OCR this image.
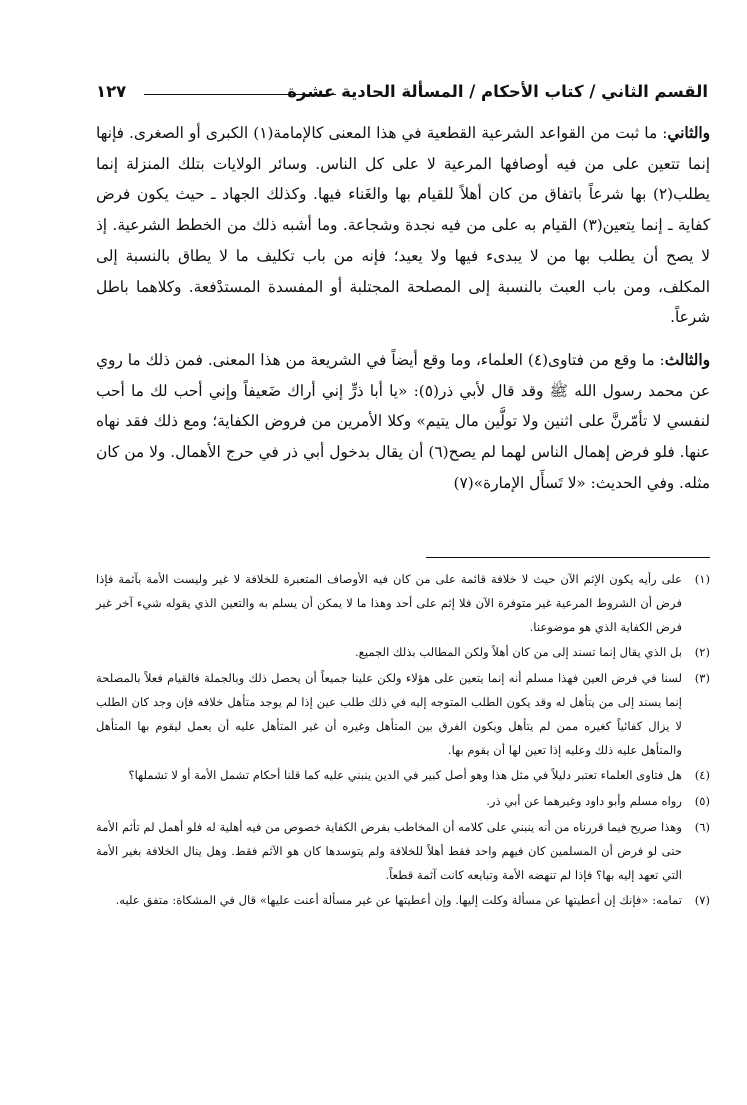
القسم الثاني / كتاب الأحكام / المسألة الحادية عشرة
١٢٧

والثاني: ما ثبت من القواعد الشرعية القطعية في هذا المعنى كالإمامة(١) الكبرى أو الصغرى. فإنها إنما تتعين على من فيه أوصافها المرعية لا على كل الناس. وسائر الولايات بتلك المنزلة إنما يطلب(٢) بها شرعاً باتفاق من كان أهلاً للقيام بها والغَناء فيها. وكذلك الجهاد ـ حيث يكون فرض كفاية ـ إنما يتعين(٣) القيام به على من فيه نجدة وشجاعة. وما أشبه ذلك من الخطط الشرعية. إذ لا يصح أن يطلب بها من لا يبدىء فيها ولا يعيد؛ فإنه من باب تكليف ما لا يطاق بالنسبة إلى المكلف، ومن باب العبث بالنسبة إلى المصلحة المجتلبة أو المفسدة المستدْفعة. وكلاهما باطل شرعاً.

والثالث: ما وقع من فتاوى(٤) العلماء، وما وقع أيضاً في الشريعة من هذا المعنى. فمن ذلك ما روي عن محمد رسول الله ﷺ وقد قال لأبي ذر(٥): «يا أبا ذرٍّ إني أراك ضَعيفاً وإني أحب لك ما أحب لنفسي لا تأمّرنَّ على اثنين ولا تولَّين مال يتيم» وكلا الأمرين من فروض الكفاية؛ ومع ذلك فقد نهاه عنها. فلو فرض إهمال الناس لهما لم يصح(٦) أن يقال بدخول أبي ذر في حرج الأهمال. ولا من كان مثله. وفي الحديث: «لا تَسأَل الإمارة»(٧)

(١)
على رأيه يكون الإثم الآن حيث لا خلافة قائمة على من كان فيه الأوصاف المتعبرة للخلافة لا غير وليست الأمة بآثمة فإذا فرض أن الشروط المرعية غير متوفرة الآن فلا إثم على أحد وهذا ما لا يمكن أن يسلم به والتعين الذي يقوله شيء آخر غير فرض الكفاية الذي هو موضوعنا.
(٢)
بل الذي يقال إنما تسند إلى من كان أهلاً ولكن المطالب بذلك الجميع.
(٣)
لسنا في فرض العين فهذا مسلم أنه إنما يتعين على هؤلاء ولكن علينا جميعاً أن يحصل ذلك وبالجملة فالقيام فعلاً بالمصلحة إنما يسند إلى من يتأهل له وقد يكون الطلب المتوجه إليه في ذلك طلب عين إذا لم يوجد متأهل خلافه فإن وجد كان الطلب لا يزال كفائياً كغيره ممن لم يتأهل ويكون الفرق بين المتأهل وغيره أن غير المتأهل عليه أن يعمل ليقوم بها المتأهل والمتأهل عليه ذلك وعليه إذا تعين لها أن يقوم بها.
(٤)
هل فتاوى العلماء تعتبر دليلاً في مثل هذا وهو أصل كبير في الدين ينبني عليه كما قلنا أحكام تشمل الأمة أو لا تشملها؟
(٥)
رواه مسلم وأبو داود وغيرهما عن أبي ذر.
(٦)
وهذا صريح فيما قررناه من أنه ينبني على كلامه أن المخاطب بفرض الكفاية خصوص من فيه أهلية له فلو أهمل لم تأثم الأمة حتى لو فرض أن المسلمين كان فيهم واحد فقط أهلاً للخلافة ولم يتوسدها كان هو الآثم فقط. وهل ينال الخلافة بغير الأمة التي تعهد إليه بها؟ فإذا لم تنهضه الأمة وتبايعه كانت آثمة قطعاً.
(٧)
تمامه: «فإنك إن أعطيتها عن مسألة وكلت إليها. وإن أعطيتها عن غير مسألة أعنت عليها» قال في المشكاة: متفق عليه.
